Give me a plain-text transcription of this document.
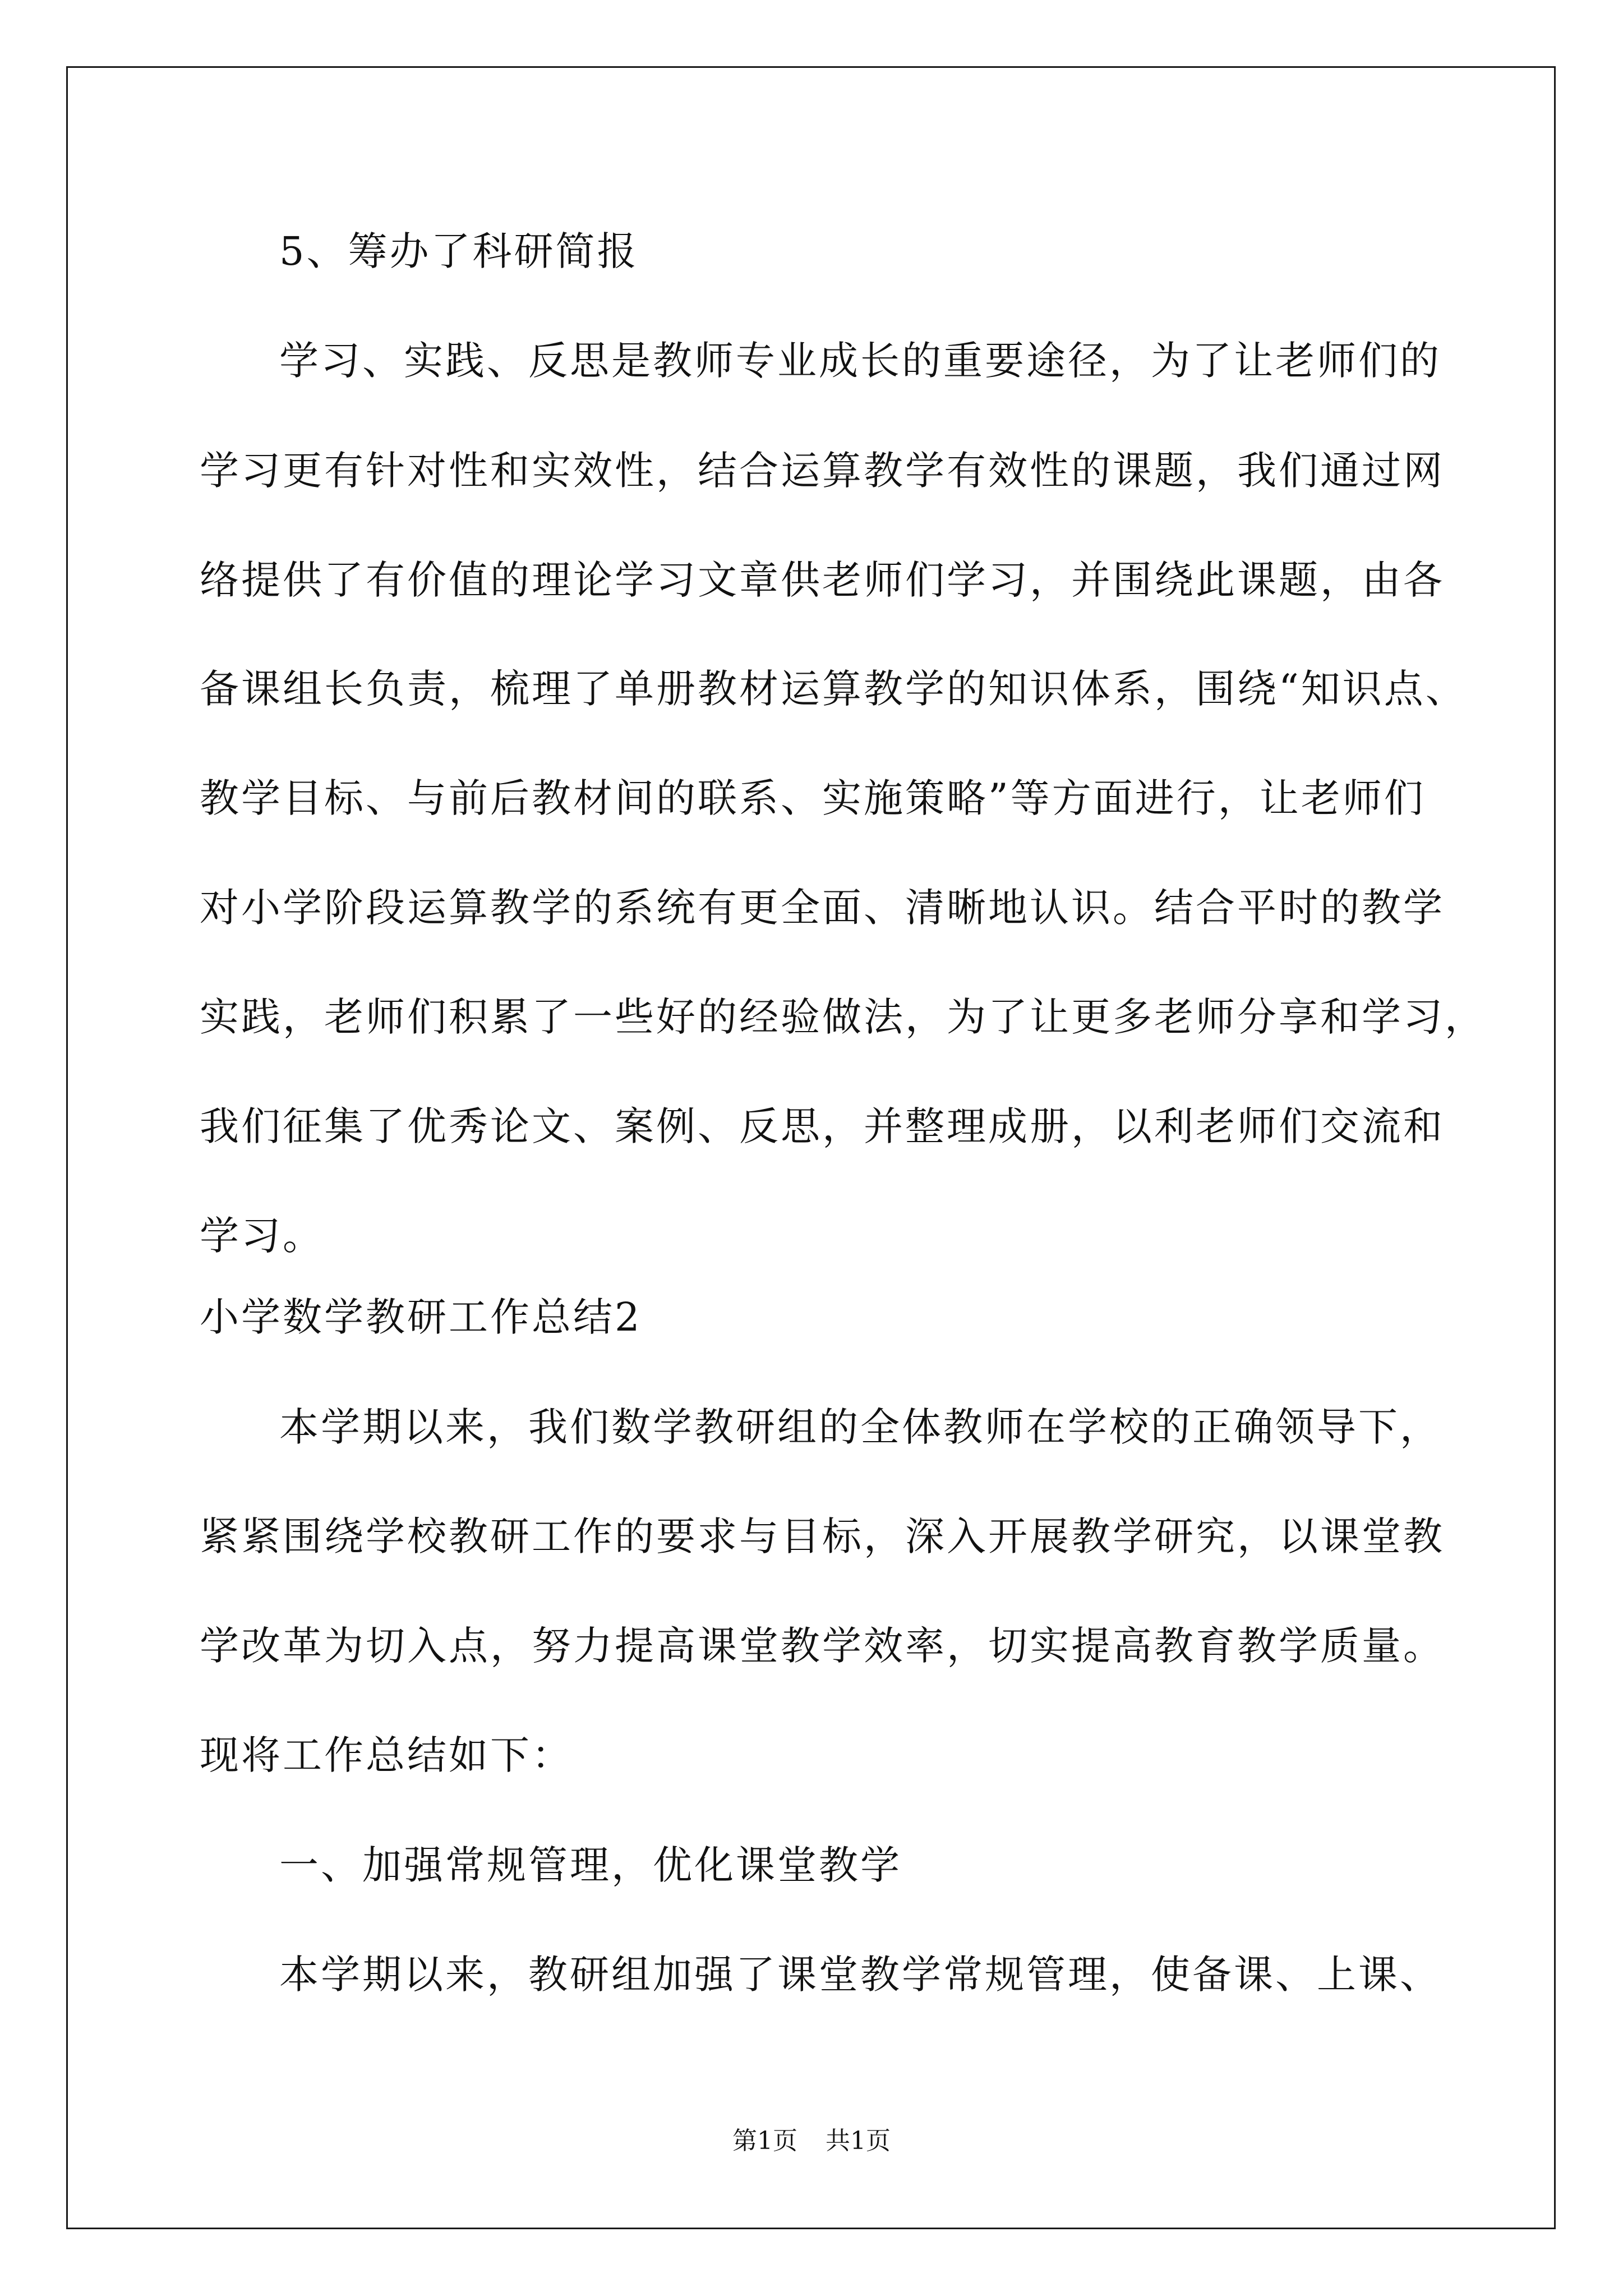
5、筹办了科研简报
学习、实践、反思是教师专业成长的重要途径，为了让老师们的
学习更有针对性和实效性，结合运算教学有效性的课题，我们通过网
络提供了有价值的理论学习文章供老师们学习，并围绕此课题，由各
备课组长负责，梳理了单册教材运算教学的知识体系，围绕“知识点、
教学目标、与前后教材间的联系、实施策略”等方面进行，让老师们
对小学阶段运算教学的系统有更全面、清晰地认识。结合平时的教学
实践，老师们积累了一些好的经验做法，为了让更多老师分享和学习，
我们征集了优秀论文、案例、反思，并整理成册，以利老师们交流和
学习。
小学数学教研工作总结2
本学期以来，我们数学教研组的全体教师在学校的正确领导下，
紧紧围绕学校教研工作的要求与目标，深入开展教学研究，以课堂教
学改革为切入点，努力提高课堂教学效率，切实提高教育教学质量。
现将工作总结如下：
一、加强常规管理，优化课堂教学
本学期以来，教研组加强了课堂教学常规管理，使备课、上课、
第1页 共1页
